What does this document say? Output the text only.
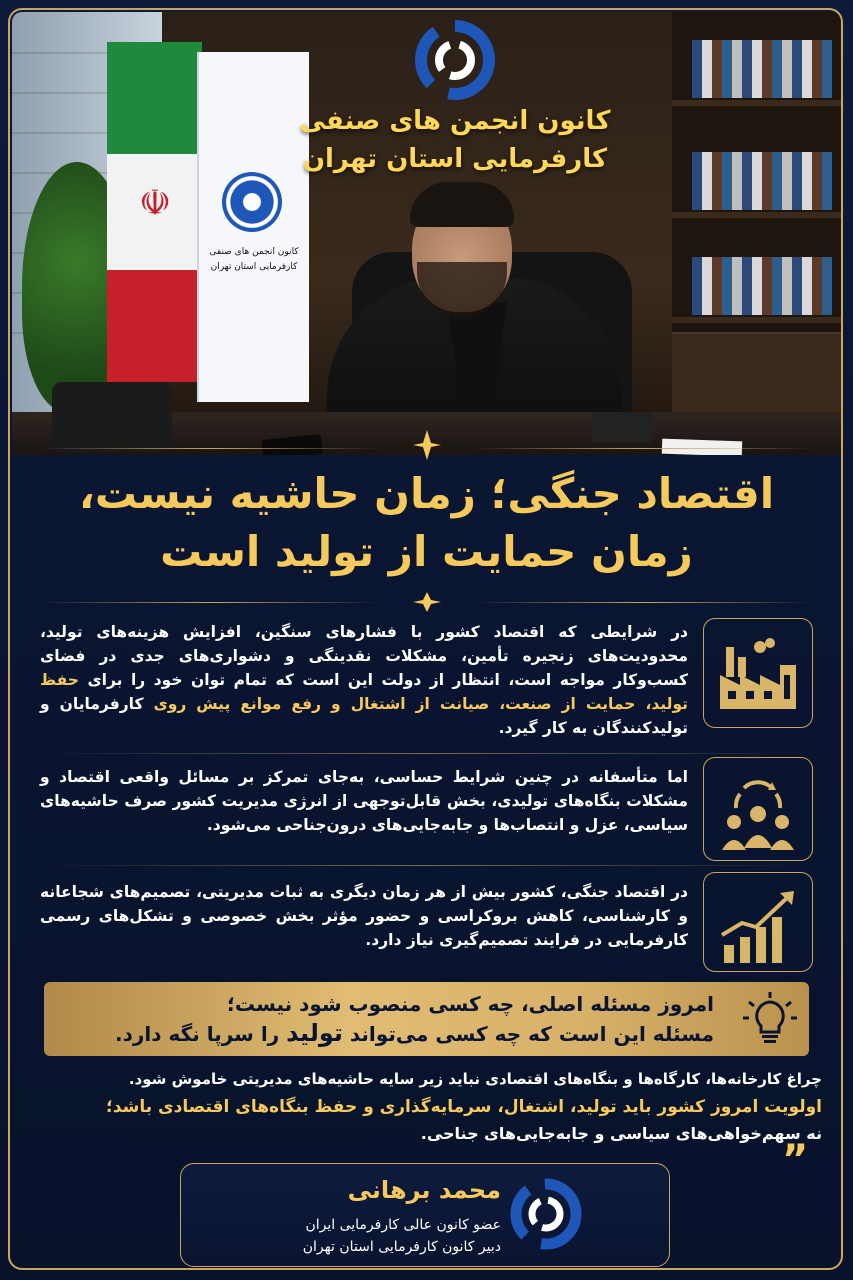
☫
کانون انجمن های صنفی
کارفرمایی استان تهران
کانون انجمن های صنفی
کارفرمایی استان تهران
اقتصاد جنگی؛ زمان حاشیه نیست،
زمان حمایت از تولید است
در شرایطی که اقتصاد کشور با فشارهای سنگین، افزایش هزینه‌های تولید، محدودیت‌های زنجیره تأمین، مشکلات نقدینگی و دشواری‌های جدی در فضای کسب‌وکار مواجه است، انتظار از دولت این است که تمام توان خود را برای حفظ تولید، حمایت از صنعت، صیانت از اشتغال و رفع موانع پیش روی کارفرمایان و تولیدکنندگان به کار گیرد.
اما متأسفانه در چنین شرایط حساسی، به‌جای تمرکز بر مسائل واقعی اقتصاد و مشکلات بنگاه‌های تولیدی، بخش قابل‌توجهی از انرژی مدیریت کشور صرف حاشیه‌های سیاسی، عزل و انتصاب‌ها و جابه‌جایی‌های درون‌جناحی می‌شود.
در اقتصاد جنگی، کشور بیش از هر زمان دیگری به ثبات مدیریتی، تصمیم‌های شجاعانه و کارشناسی، کاهش بروکراسی و حضور مؤثر بخش خصوصی و تشکل‌های رسمی کارفرمایی در فرایند تصمیم‌گیری نیاز دارد.
امروز مسئله اصلی، چه کسی منصوب شود نیست؛
مسئله این است که چه کسی می‌تواند تولید را سرپا نگه دارد.
چراغ کارخانه‌ها، کارگاه‌ها و بنگاه‌های اقتصادی نباید زیر سایه حاشیه‌های مدیریتی خاموش شود.
اولویت امروز کشور باید تولید، اشتغال، سرمایه‌گذاری و حفظ بنگاه‌های اقتصادی باشد؛
نه سهم‌خواهی‌های سیاسی و جابه‌جایی‌های جناحی.
”
محمد برهانی
عضو کانون عالی کارفرمایی ایران
دبیر کانون کارفرمایی استان تهران
